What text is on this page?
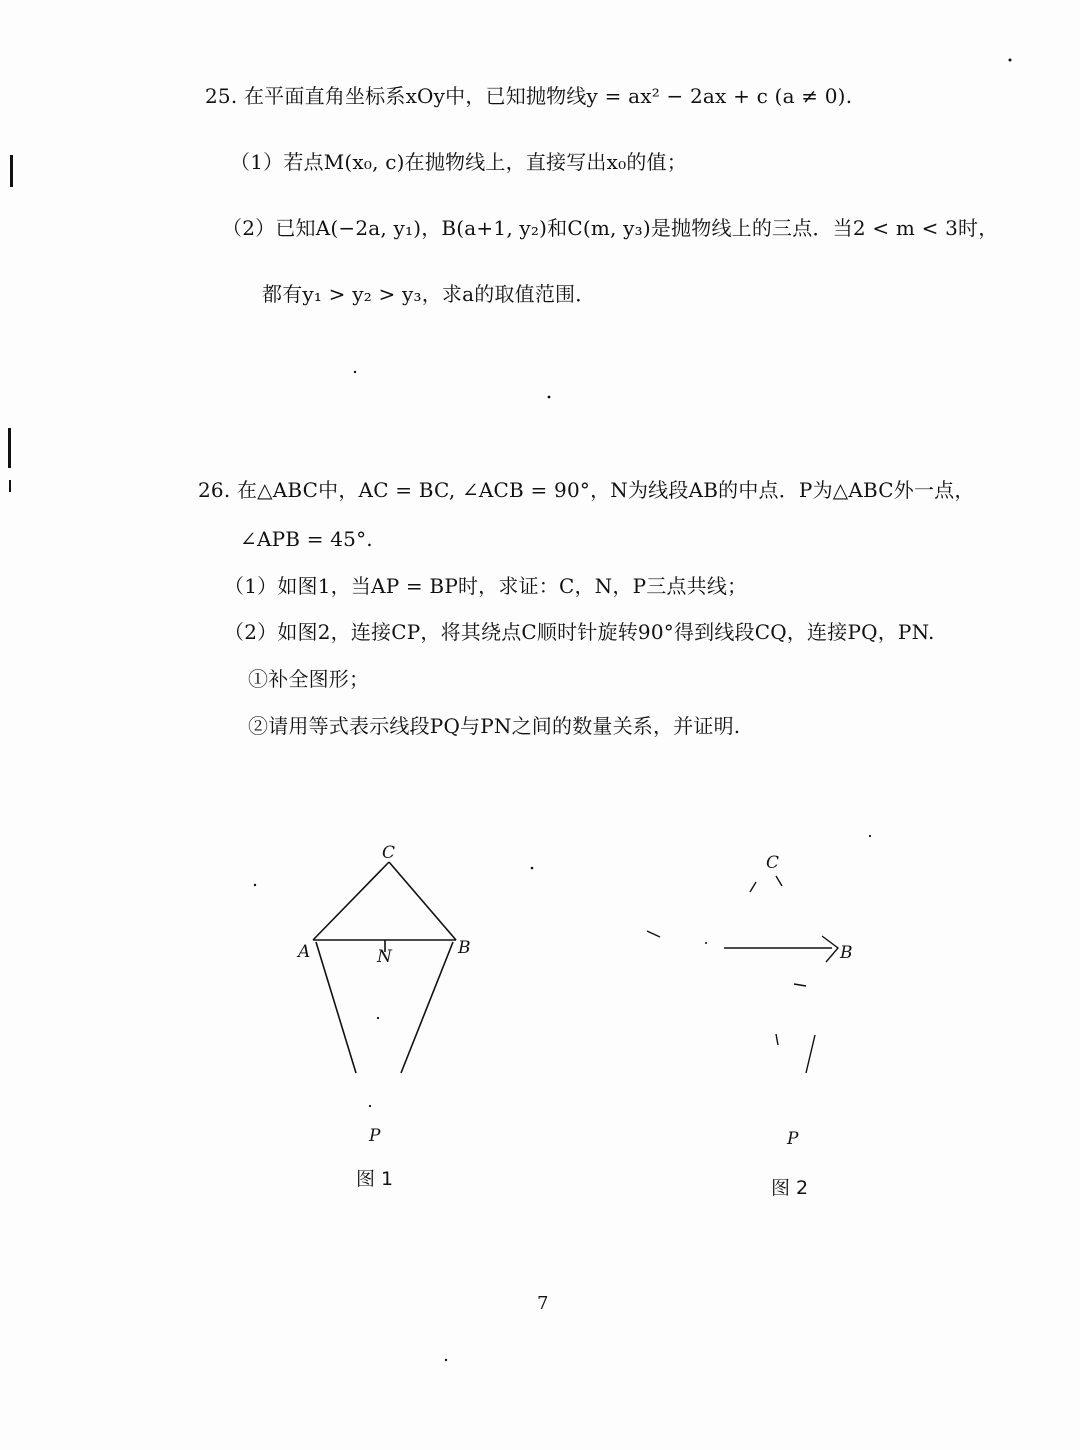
25. 在平面直角坐标系xOy中，已知抛物线y = ax² − 2ax + c (a ≠ 0).
（1）若点M(x₀, c)在抛物线上，直接写出x₀的值；
（2）已知A(−2a, y₁)，B(a+1, y₂)和C(m, y₃)是抛物线上的三点．当2 < m < 3时，
都有y₁ > y₂ > y₃，求a的取值范围．
26. 在△ABC中，AC = BC, ∠ACB = 90°，N为线段AB的中点．P为△ABC外一点，
∠APB = 45°.
（1）如图1，当AP = BP时，求证：C，N，P三点共线；
（2）如图2，连接CP，将其绕点C顺时针旋转90°得到线段CQ，连接PQ，PN.
①补全图形；
②请用等式表示线段PQ与PN之间的数量关系，并证明.
C
A	B
N
P
C
B
P
图 1	图 2
7
